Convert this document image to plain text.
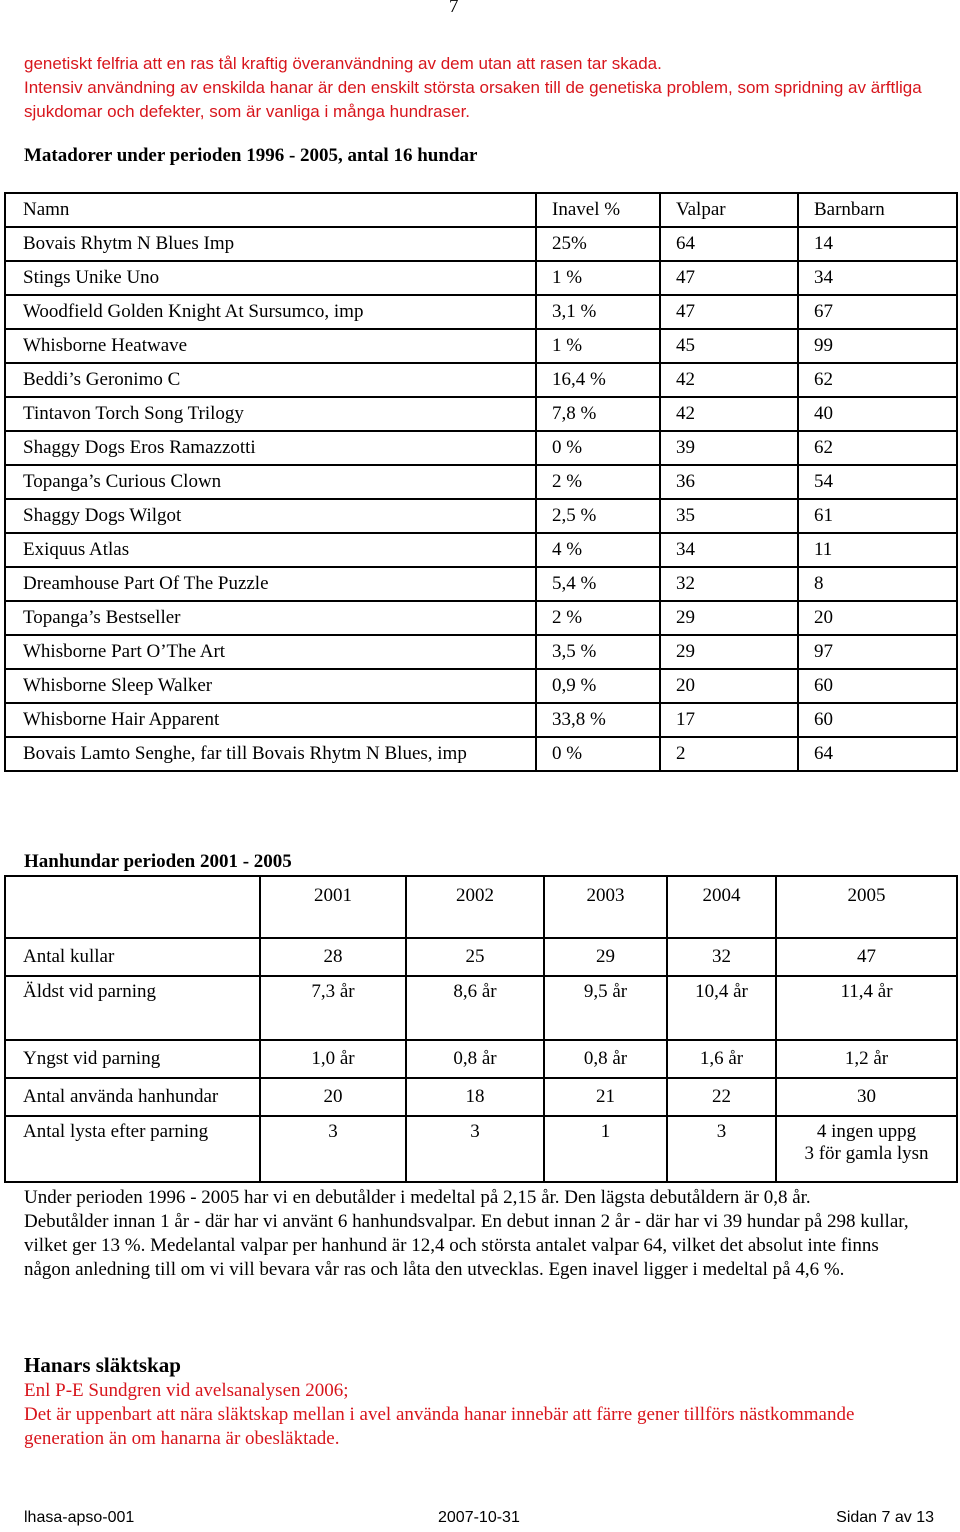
7

genetiskt felfria att en ras tål kraftig överanvändning av dem utan att rasen tar skada.

Intensiv användning av enskilda hanar är den enskilt största orsaken till de genetiska problem, som spridning av ärftliga sjukdomar och defekter, som är vanliga i många hundraser.

Matadorer under perioden 1996 - 2005, antal 16 hundar
Namn	Inavel %	Valpar	Barnbarn
Bovais Rhytm N Blues Imp	25%	64	14
Stings Unike Uno	1 %	47	34
Woodfield Golden Knight At Sursumco, imp	3,1 %	47	67
Whisborne Heatwave	1 %	45	99
Beddi’s Geronimo C	16,4 %	42	62
Tintavon Torch Song Trilogy	7,8 %	42	40
Shaggy Dogs Eros Ramazzotti	0 %	39	62
Topanga’s Curious Clown	2 %	36	54
Shaggy Dogs Wilgot	2,5 %	35	61
Exiquus Atlas	4 %	34	11
Dreamhouse Part Of The Puzzle	5,4 %	32	8
Topanga’s Bestseller	2 %	29	20
Whisborne Part O’The Art	3,5 %	29	97
Whisborne Sleep Walker	0,9 %	20	60
Whisborne Hair Apparent	33,8 %	17	60
Bovais Lamto Senghe, far till Bovais Rhytm N Blues, imp	0 %	2	64
Hanhundar perioden 2001 - 2005
	2001	2002	2003	2004	2005
Antal kullar	28	25	29	32	47

Äldst vid parning	7,3 år	8,6 år	9,5 år	10,4 år	11,4 år

Yngst vid parning	1,0 år	0,8 år	0,8 år	1,6 år	1,2 år

Antal använda hanhundar	20	18	21	22	30

Antal lysta efter parning	3	3	1	3	4 ingen uppg
3 för gamla lysn

Under perioden 1996 - 2005 har vi en debutålder i medeltal på 2,15 år. Den lägsta debutåldern är 0,8 år.

Debutålder innan 1 år - där har vi använt 6 hanhundsvalpar. En debut innan 2 år - där har vi 39 hundar på 298 kullar, vilket ger 13 %. Medelantal valpar per hanhund är 12,4 och största antalet valpar 64, vilket det absolut inte finns någon anledning till om vi vill bevara vår ras och låta den utvecklas. Egen inavel ligger i medeltal på 4,6 %.

Hanars släktskap

Enl P-E Sundgren vid avelsanalysen 2006;

Det är uppenbart att nära släktskap mellan i avel använda hanar innebär att färre gener tillförs nästkommande generation än om hanarna är obesläktade.

lhasa-apso-001	2007-10-31	Sidan 7 av 13
